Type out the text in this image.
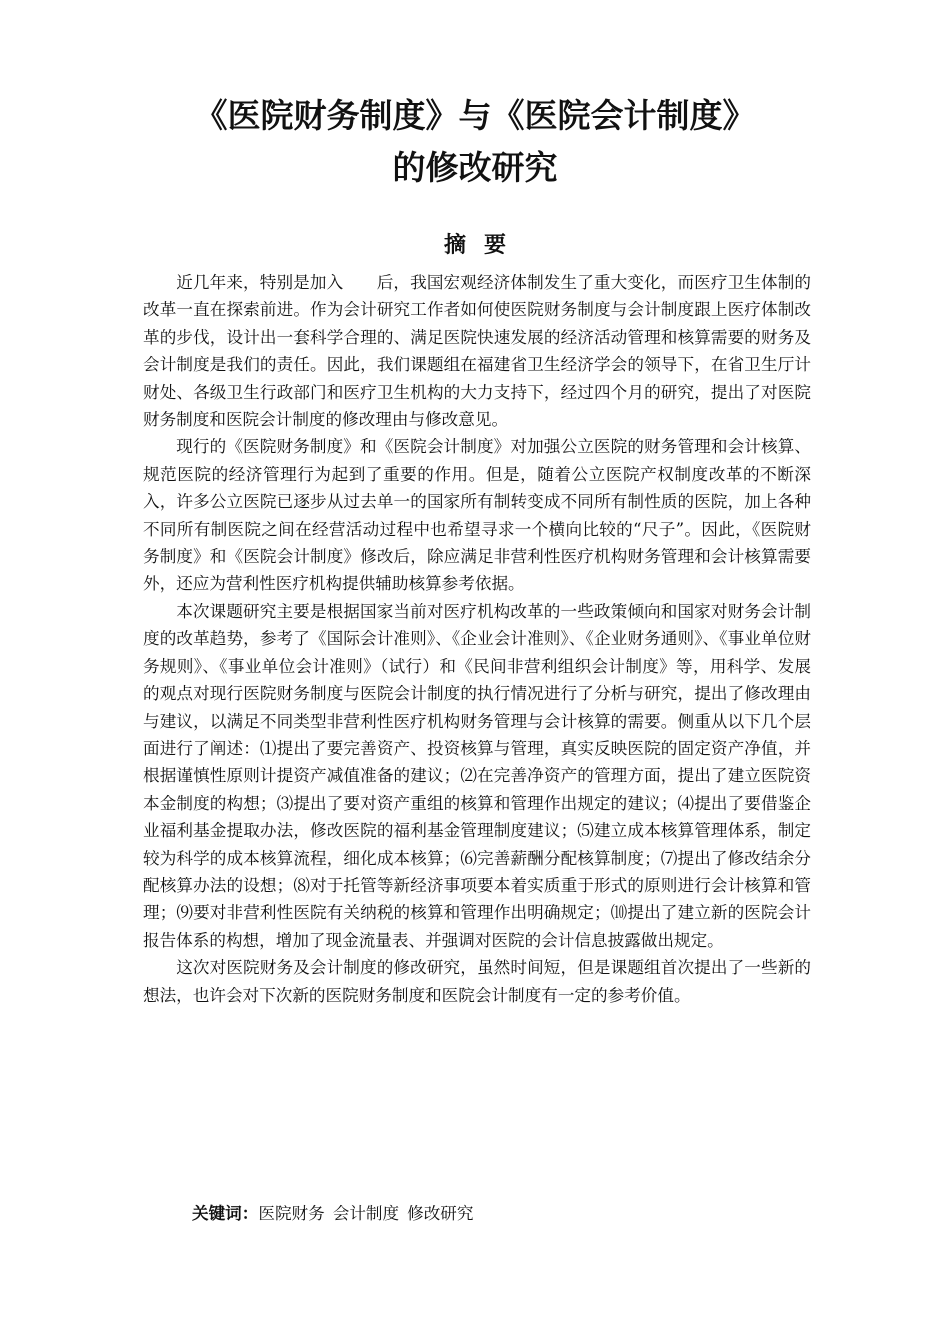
《医院财务制度》与《医院会计制度》
的修改研究
摘要

近几年来，特别是加入　　后，我国宏观经济体制发生了重大变化，而医疗卫生体制的改革一直在探索前进。作为会计研究工作者如何使医院财务制度与会计制度跟上医疗体制改革的步伐，设计出一套科学合理的、满足医院快速发展的经济活动管理和核算需要的财务及会计制度是我们的责任。因此，我们课题组在福建省卫生经济学会的领导下，在省卫生厅计财处、各级卫生行政部门和医疗卫生机构的大力支持下，经过四个月的研究，提出了对医院财务制度和医院会计制度的修改理由与修改意见。

现行的《医院财务制度》和《医院会计制度》对加强公立医院的财务管理和会计核算、规范医院的经济管理行为起到了重要的作用。但是，随着公立医院产权制度改革的不断深入，许多公立医院已逐步从过去单一的国家所有制转变成不同所有制性质的医院，加上各种不同所有制医院之间在经营活动过程中也希望寻求一个横向比较的“尺子”。因此，《医院财务制度》和《医院会计制度》修改后，除应满足非营利性医疗机构财务管理和会计核算需要外，还应为营利性医疗机构提供辅助核算参考依据。

本次课题研究主要是根据国家当前对医疗机构改革的一些政策倾向和国家对财务会计制度的改革趋势，参考了《国际会计准则》、《企业会计准则》、《企业财务通则》、《事业单位财务规则》、《事业单位会计准则》（试行）和《民间非营利组织会计制度》等，用科学、发展的观点对现行医院财务制度与医院会计制度的执行情况进行了分析与研究，提出了修改理由与建议，以满足不同类型非营利性医疗机构财务管理与会计核算的需要。侧重从以下几个层面进行了阐述：⑴提出了要完善资产、投资核算与管理，真实反映医院的固定资产净值，并根据谨慎性原则计提资产减值准备的建议；⑵在完善净资产的管理方面，提出了建立医院资本金制度的构想；⑶提出了要对资产重组的核算和管理作出规定的建议；⑷提出了要借鉴企业福利基金提取办法，修改医院的福利基金管理制度建议；⑸建立成本核算管理体系，制定较为科学的成本核算流程，细化成本核算；⑹完善薪酬分配核算制度；⑺提出了修改结余分配核算办法的设想；⑻对于托管等新经济事项要本着实质重于形式的原则进行会计核算和管理；⑼要对非营利性医院有关纳税的核算和管理作出明确规定；⑽提出了建立新的医院会计报告体系的构想，增加了现金流量表、并强调对医院的会计信息披露做出规定。

这次对医院财务及会计制度的修改研究，虽然时间短，但是课题组首次提出了一些新的想法，也许会对下次新的医院财务制度和医院会计制度有一定的参考价值。

关键词：医院财务 会计制度 修改研究
